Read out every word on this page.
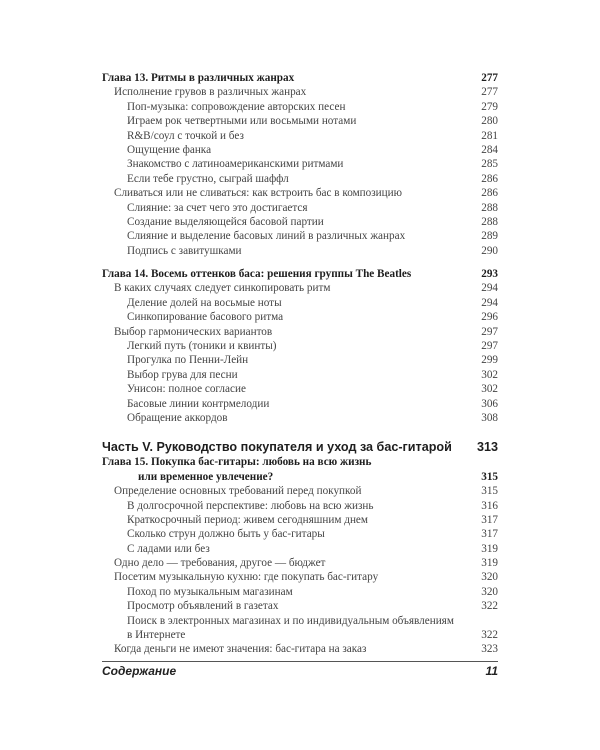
Глава 13. Ритмы в различных жанрах	277
Исполнение грувов в различных жанрах	277
Поп-музыка: сопровождение авторских песен	279
Играем рок четвертными или восьмыми нотами	280
R&B/соул с точкой и без	281
Ощущение фанка	284
Знакомство с латиноамериканскими ритмами	285
Если тебе грустно, сыграй шаффл	286
Сливаться или не сливаться: как встроить бас в композицию	286
Слияние: за счет чего это достигается	288
Создание выделяющейся басовой партии	288
Слияние и выделение басовых линий в различных жанрах	289
Подпись с завитушками	290
Глава 14. Восемь оттенков баса: решения группы The Beatles	293
В каких случаях следует синкопировать ритм	294
Деление долей на восьмые ноты	294
Синкопирование басового ритма	296
Выбор гармонических вариантов	297
Легкий путь (тоники и квинты)	297
Прогулка по Пенни-Лейн	299
Выбор грува для песни	302
Унисон: полное согласие	302
Басовые линии контрмелодии	306
Обращение аккордов	308
Часть V. Руководство покупателя и уход за бас-гитарой 313
Глава 15. Покупка бас-гитары: любовь на всю жизнь
или временное увлечение?	315
Определение основных требований перед покупкой	315
В долгосрочной перспективе: любовь на всю жизнь	316
Краткосрочный период: живем сегодняшним днем	317
Сколько струн должно быть у бас-гитары	317
С ладами или без	319
Одно дело — требования, другое — бюджет	319
Посетим музыкальную кухню: где покупать бас-гитару	320
Поход по музыкальным магазинам	320
Просмотр объявлений в газетах	322
Поиск в электронных магазинах и по индивидуальным объявлениям
в Интернете	322
Когда деньги не имеют значения: бас-гитара на заказ	323
Содержание	11
